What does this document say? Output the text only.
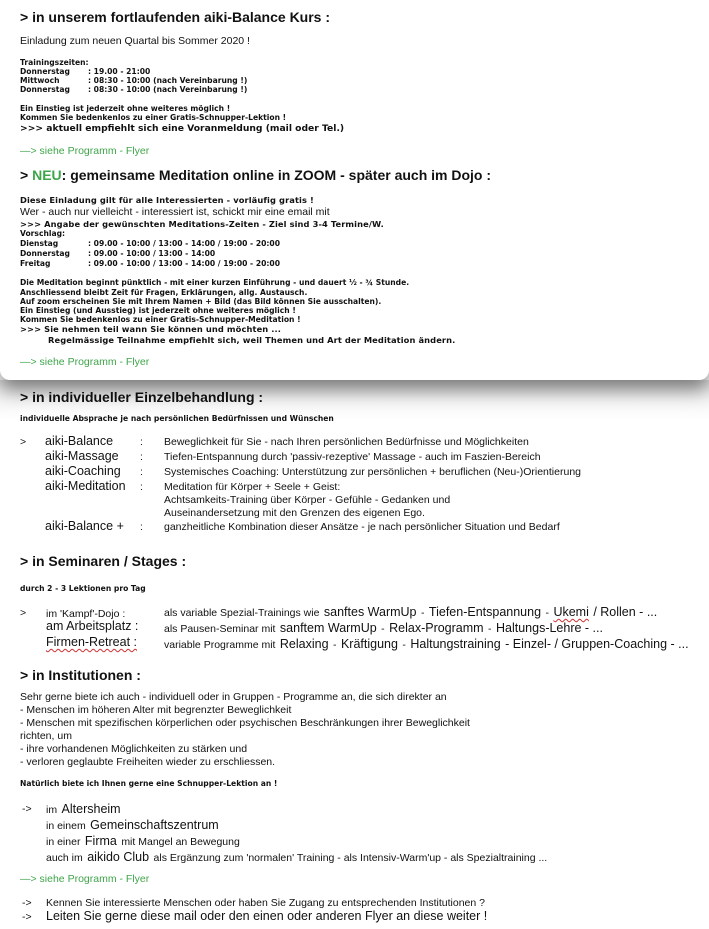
> in unserem fortlaufenden aiki-Balance Kurs :
Einladung zum neuen Quartal bis Sommer 2020 !
Trainingszeiten:
Donnerstag : 19.00 - 21:00
Mittwoch	: 08:30 - 10:00 (nach Vereinbarung !)
Donnerstag : 08:30 - 10:00 (nach Vereinbarung !)
Ein Einstieg ist jederzeit ohne weiteres möglich !
Kommen Sie bedenkenlos zu einer Gratis-Schnupper-Lektion !
>>> aktuell empfiehlt sich eine Voranmeldung (mail oder Tel.)
—> siehe Programm - Flyer
> NEU: gemeinsame Meditation online in ZOOM - später auch im Dojo :
Diese Einladung gilt für alle Interessierten - vorläufig gratis !
Wer - auch nur vielleicht - interessiert ist, schickt mir eine email mit
>>> Angabe der gewünschten Meditations-Zeiten - Ziel sind 3-4 Termine/W.
Vorschlag:
Dienstag	: 09.00 - 10:00 / 13:00 - 14:00 / 19:00 - 20:00
Donnerstag : 09.00 - 10:00 / 13:00 - 14:00
Freitag	: 09.00 - 10:00 / 13:00 - 14:00 / 19:00 - 20:00
Die Meditation beginnt pünktlich - mit einer kurzen Einführung - und dauert ½ - ¾ Stunde.
Anschliessend bleibt Zeit für Fragen, Erklärungen, allg. Austausch.
Auf zoom erscheinen Sie mit Ihrem Namen + Bild (das Bild können Sie ausschalten).
Ein Einstieg (und Ausstieg) ist jederzeit ohne weiteres möglich !
Kommen Sie bedenkenlos zu einer Gratis-Schnupper-Meditation !
>>> Sie nehmen teil wann Sie können und möchten ...
Regelmässige Teilnahme empfiehlt sich, weil Themen und Art der Meditation ändern.
—> siehe Programm - Flyer
> in individueller Einzelbehandlung :
individuelle Absprache je nach persönlichen Bedürfnissen und Wünschen
> aiki-Balance	: Beweglichkeit für Sie - nach Ihren persönlichen Bedürfnisse und Möglichkeiten
aiki-Massage : Tiefen-Entspannung durch 'passiv-rezeptive' Massage - auch im Faszien-Bereich
aiki-Coaching : Systemisches Coaching: Unterstützung zur persönlichen + beruflichen (Neu-)Orientierung
aiki-Meditation : Meditation für Körper + Seele + Geist:
Achtsamkeits-Training über Körper - Gefühle - Gedanken und
Auseinandersetzung mit den Grenzen des eigenen Ego.
aiki-Balance + : ganzheitliche Kombination dieser Ansätze - je nach persönlicher Situation und Bedarf
> in Seminaren / Stages :
durch 2 - 3 Lektionen pro Tag
> im 'Kampf'-Dojo :	als variable Spezial-Trainings wie sanftes WarmUp - Tiefen-Entspannung - Ukemi / Rollen - ...
am Arbeitsplatz : als Pausen-Seminar mit sanftem WarmUp - Relax-Programm - Haltungs-Lehre - ...
Firmen-Retreat :	variable Programme mit Relaxing - Kräftigung - Haltungstraining - Einzel- / Gruppen-Coaching - ...
> in Institutionen :
Sehr gerne biete ich auch - individuell oder in Gruppen - Programme an, die sich direkter an
- Menschen im höheren Alter mit begrenzter Beweglichkeit
- Menschen mit spezifischen körperlichen oder psychischen Beschränkungen ihrer Beweglichkeit
richten, um
- ihre vorhandenen Möglichkeiten zu stärken und
- verloren geglaubte Freiheiten wieder zu erschliessen.
Natürlich biete ich Ihnen gerne eine Schnupper-Lektion an !
-> im Altersheim
in einem Gemeinschaftszentrum
in einer Firma mit Mangel an Bewegung
auch im aikido Club als Ergänzung zum 'normalen' Training - als Intensiv-Warm'up - als Spezialtraining ...
—> siehe Programm - Flyer
-> Kennen Sie interessierte Menschen oder haben Sie Zugang zu entsprechenden Institutionen ?
-> Leiten Sie gerne diese mail oder den einen oder anderen Flyer an diese weiter !
